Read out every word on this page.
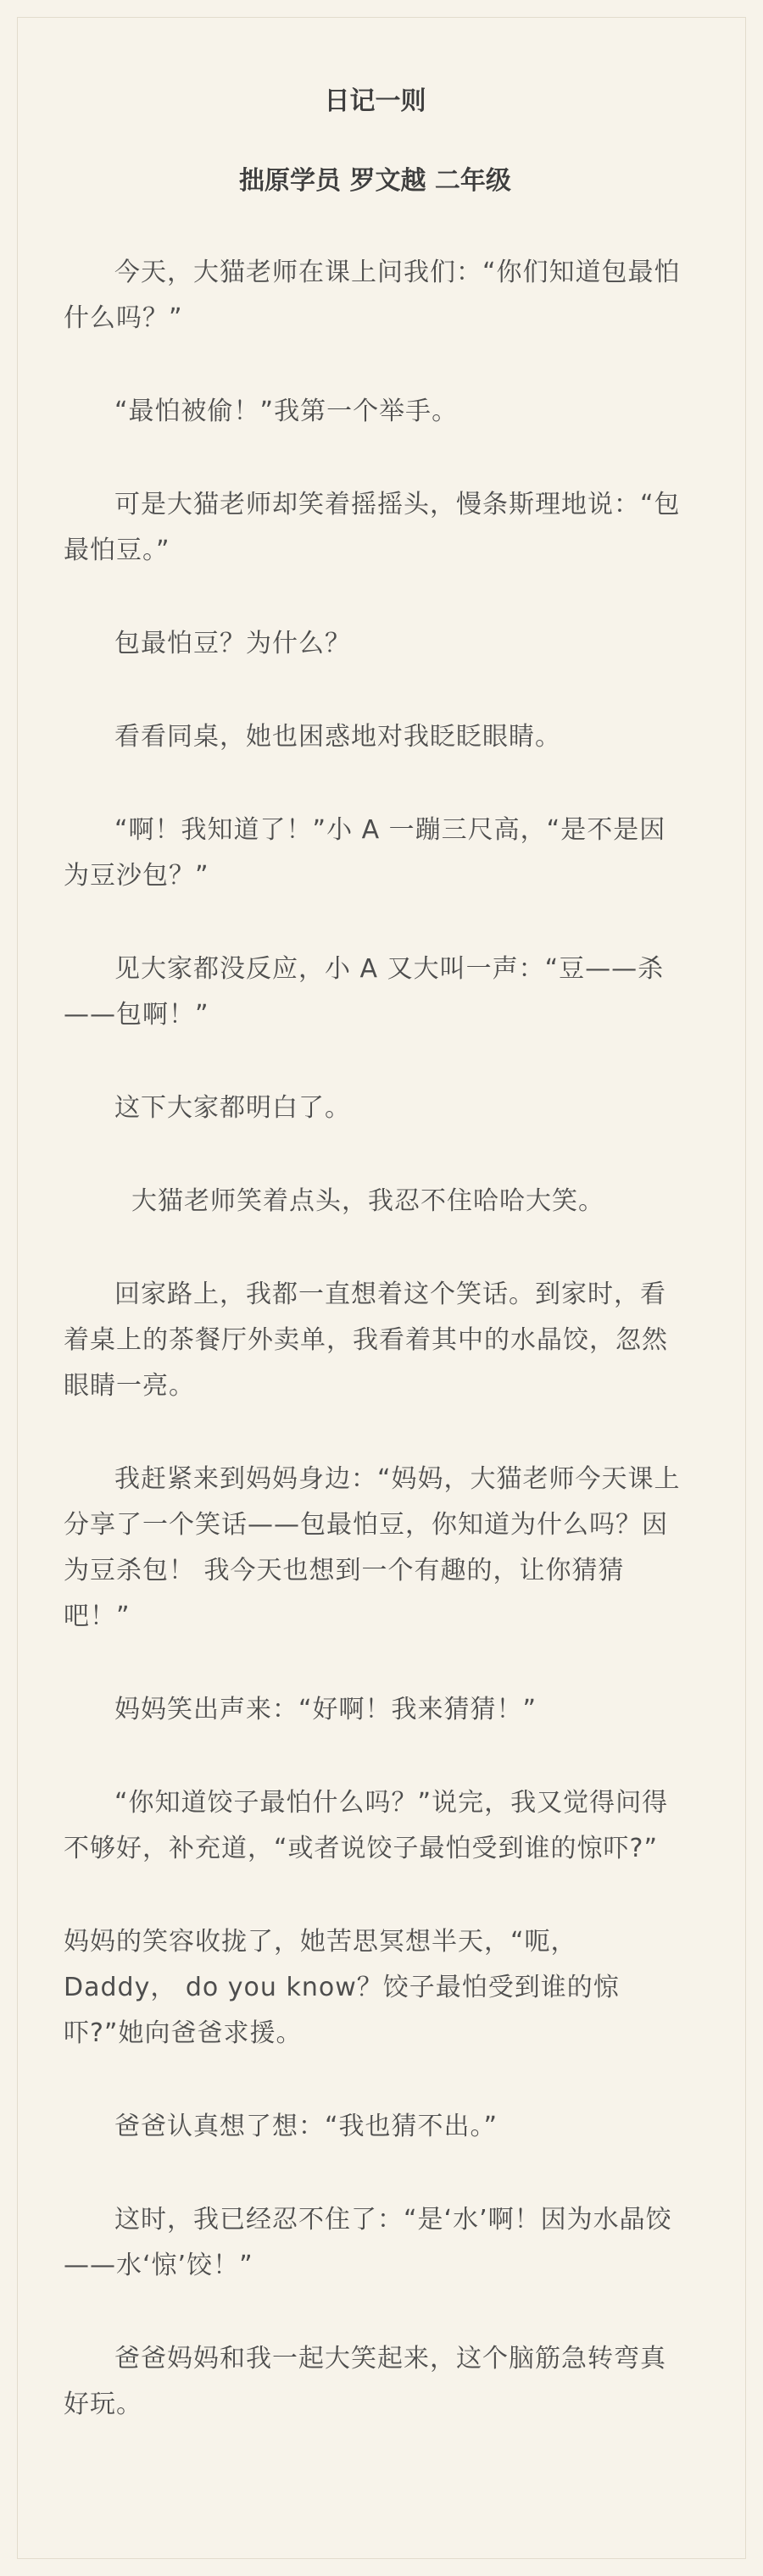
日记一则
拙原学员 罗文越 二年级

今天，大猫老师在课上问我们：“你们知道包最怕什么吗？”

“最怕被偷！”我第一个举手。

可是大猫老师却笑着摇摇头，慢条斯理地说：“包最怕豆。”

包最怕豆？为什么？

看看同桌，她也困惑地对我眨眨眼睛。

“啊！我知道了！”小 A 一蹦三尺高，“是不是因为豆沙包？”

见大家都没反应，小 A 又大叫一声：“豆——杀——包啊！”

这下大家都明白了。

大猫老师笑着点头，我忍不住哈哈大笑。

回家路上，我都一直想着这个笑话。到家时，看着桌上的茶餐厅外卖单，我看着其中的水晶饺，忽然眼睛一亮。

我赶紧来到妈妈身边：“妈妈，大猫老师今天课上分享了一个笑话——包最怕豆，你知道为什么吗？因为豆杀包！ 我今天也想到一个有趣的，让你猜猜吧！”

妈妈笑出声来：“好啊！我来猜猜！”

“你知道饺子最怕什么吗？”说完，我又觉得问得不够好，补充道，“或者说饺子最怕受到谁的惊吓?”

妈妈的笑容收拢了，她苦思冥想半天，“呃，Daddy， do you know？饺子最怕受到谁的惊吓?”她向爸爸求援。

爸爸认真想了想：“我也猜不出。”

这时，我已经忍不住了：“是‘水’啊！因为水晶饺——水‘惊’饺！”

爸爸妈妈和我一起大笑起来，这个脑筋急转弯真好玩。
